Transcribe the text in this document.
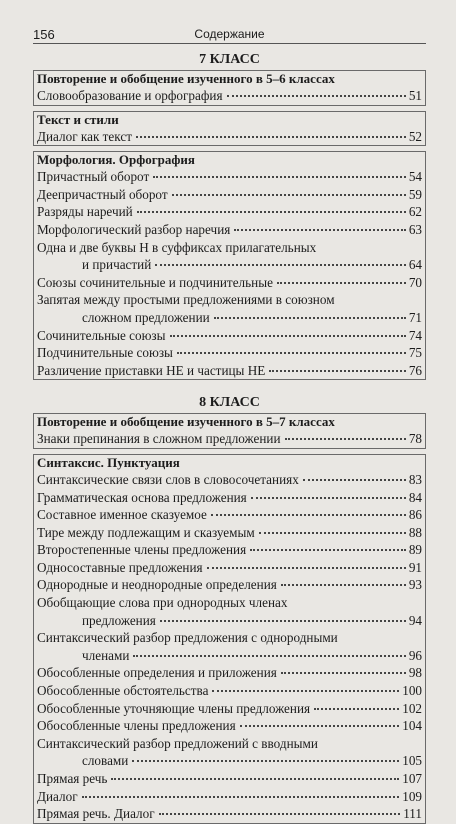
156	Содержание
7 КЛАСС
Повторение и обобщение изученного в 5–6 классах
Словообразование и орфография	51
Текст и стили
Диалог как текст	52
Морфология. Орфография
Причастный оборот	54
Деепричастный оборот	59
Разряды наречий	62
Морфологический разбор наречия	63
Одна и две буквы Н в суффиксах прилагательных
и причастий	64
Союзы сочинительные и подчинительные	70
Запятая между простыми предложениями в союзном
сложном предложении	71
Сочинительные союзы	74
Подчинительные союзы	75
Различение приставки НЕ и частицы НЕ	76
8 КЛАСС
Повторение и обобщение изученного в 5–7 классах
Знаки препинания в сложном предложении	78
Синтаксис. Пунктуация
Синтаксические связи слов в словосочетаниях	83
Грамматическая основа предложения	84
Составное именное сказуемое	86
Тире между подлежащим и сказуемым	88
Второстепенные члены предложения	89
Односоставные предложения	91
Однородные и неоднородные определения	93
Обобщающие слова при однородных членах
предложения	94
Синтаксический разбор предложения с однородными
членами	96
Обособленные определения и приложения	98
Обособленные обстоятельства	100
Обособленные уточняющие члены предложения	102
Обособленные члены предложения	104
Синтаксический разбор предложений с вводными
словами	105
Прямая речь	107
Диалог	109
Прямая речь. Диалог	111
